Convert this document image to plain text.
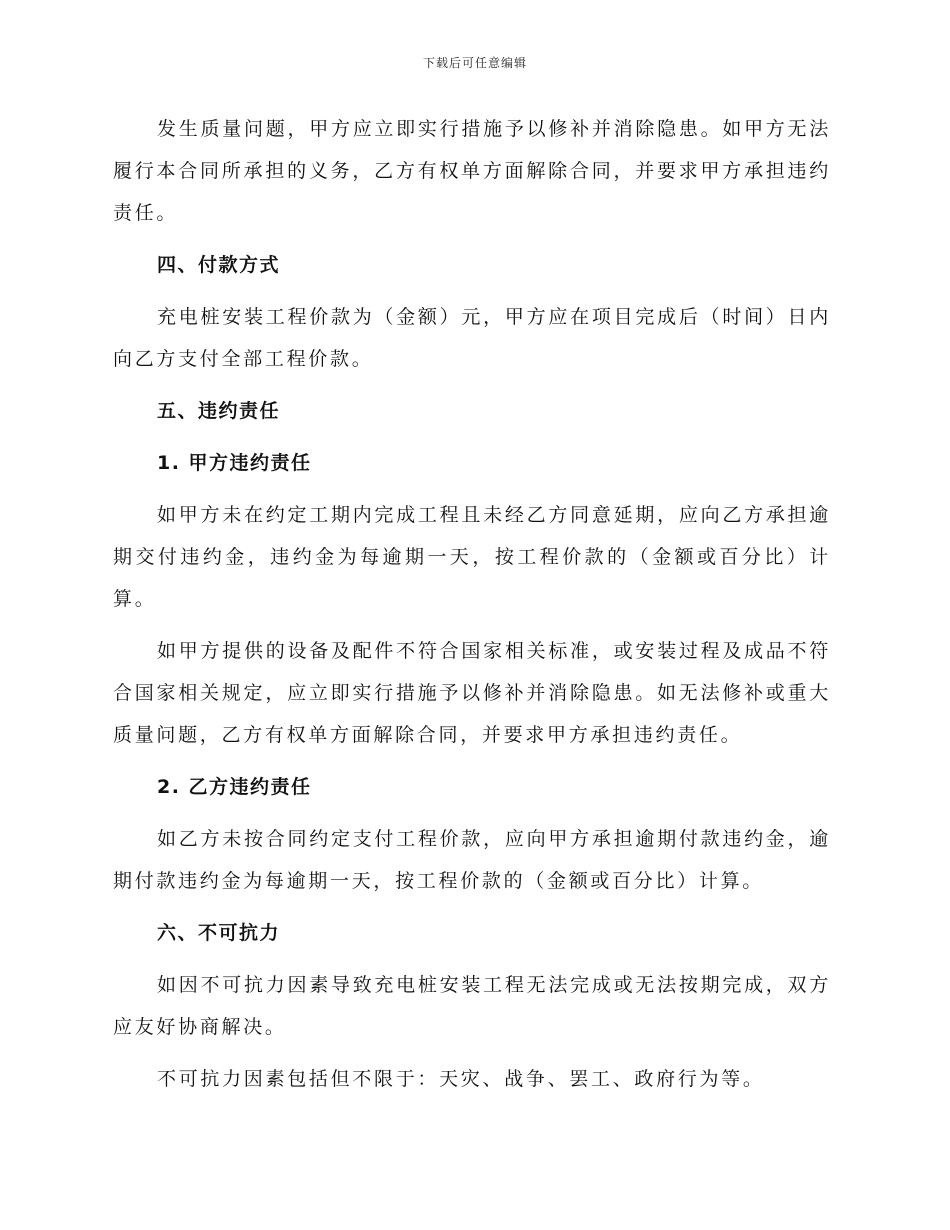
下载后可任意编辑

发生质量问题，甲方应立即实行措施予以修补并消除隐患。如甲方无法履行本合同所承担的义务，乙方有权单方面解除合同，并要求甲方承担违约责任。

四、付款方式

充电桩安装工程价款为（金额）元，甲方应在项目完成后（时间）日内向乙方支付全部工程价款。

五、违约责任
1. 甲方违约责任

如甲方未在约定工期内完成工程且未经乙方同意延期，应向乙方承担逾期交付违约金，违约金为每逾期一天，按工程价款的（金额或百分比）计算。

如甲方提供的设备及配件不符合国家相关标准，或安装过程及成品不符合国家相关规定，应立即实行措施予以修补并消除隐患。如无法修补或重大质量问题，乙方有权单方面解除合同，并要求甲方承担违约责任。

2. 乙方违约责任

如乙方未按合同约定支付工程价款，应向甲方承担逾期付款违约金，逾期付款违约金为每逾期一天，按工程价款的（金额或百分比）计算。

六、不可抗力

如因不可抗力因素导致充电桩安装工程无法完成或无法按期完成，双方应友好协商解决。

不可抗力因素包括但不限于：天灾、战争、罢工、政府行为等。
